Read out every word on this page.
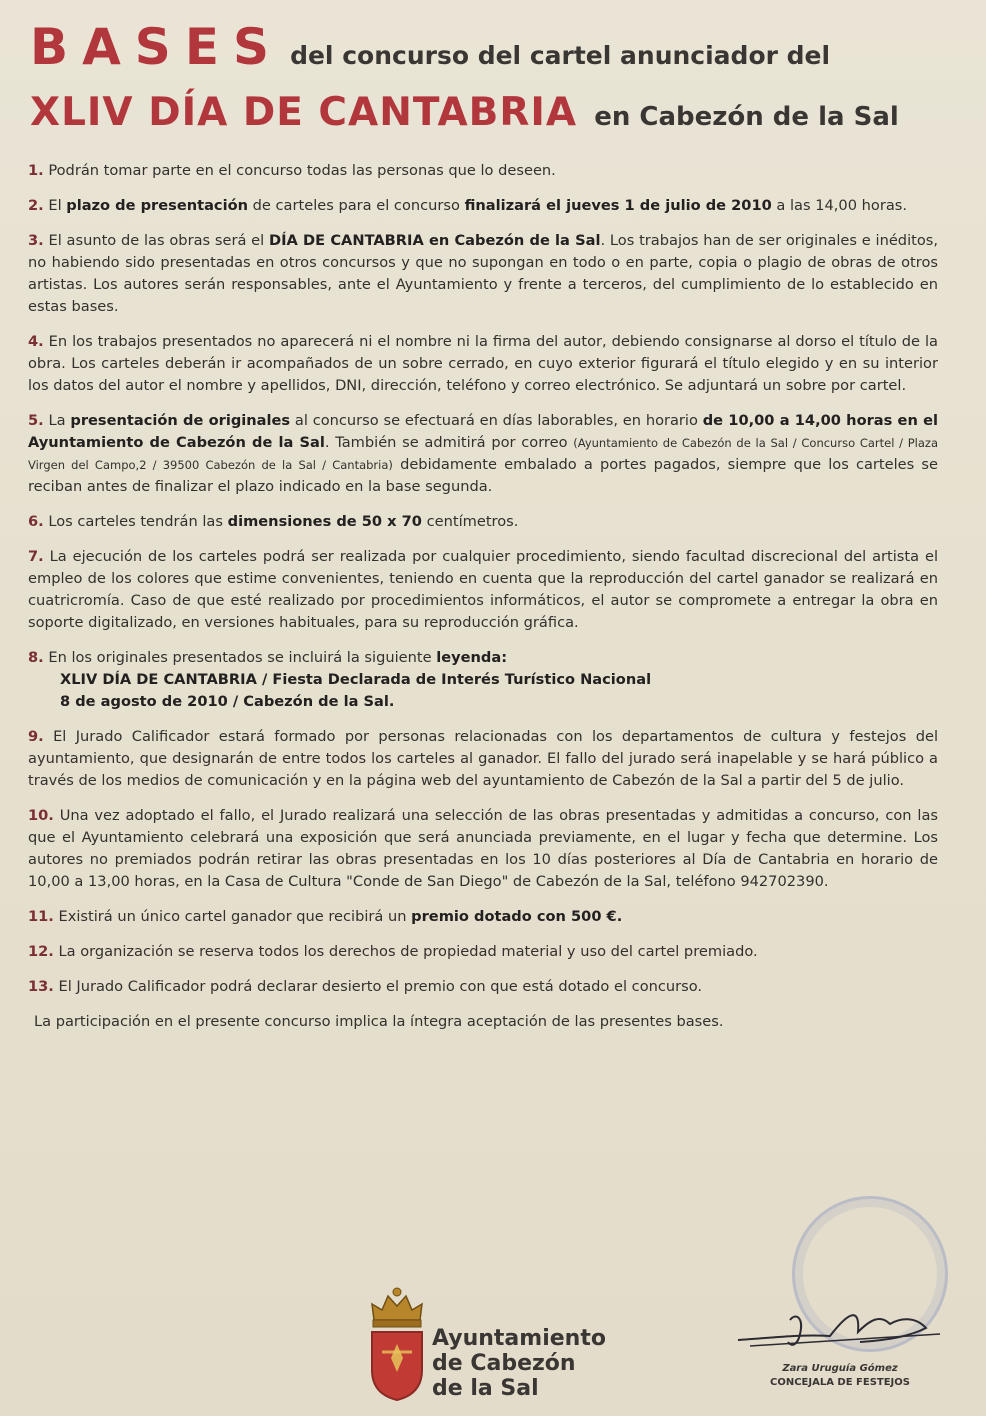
BASES del concurso del cartel anunciador del
XLIV DÍA DE CANTABRIA en Cabezón de la Sal

1. Podrán tomar parte en el concurso todas las personas que lo deseen.

2. El plazo de presentación de carteles para el concurso finalizará el jueves 1 de julio de 2010 a las 14,00 horas.

3. El asunto de las obras será el DÍA DE CANTABRIA en Cabezón de la Sal. Los trabajos han de ser originales e inéditos, no habiendo sido presentadas en otros concursos y que no supongan en todo o en parte, copia o plagio de obras de otros artistas. Los autores serán responsables, ante el Ayuntamiento y frente a terceros, del cumplimiento de lo establecido en estas bases.

4. En los trabajos presentados no aparecerá ni el nombre ni la firma del autor, debiendo consignarse al dorso el título de la obra. Los carteles deberán ir acompañados de un sobre cerrado, en cuyo exterior figurará el título elegido y en su interior los datos del autor el nombre y apellidos, DNI, dirección, teléfono y correo electrónico. Se adjuntará un sobre por cartel.

5. La presentación de originales al concurso se efectuará en días laborables, en horario de 10,00 a 14,00 horas en el Ayuntamiento de Cabezón de la Sal. También se admitirá por correo (Ayuntamiento de Cabezón de la Sal / Concurso Cartel / Plaza Virgen del Campo,2 / 39500 Cabezón de la Sal / Cantabria) debidamente embalado a portes pagados, siempre que los carteles se reciban antes de finalizar el plazo indicado en la base segunda.

6. Los carteles tendrán las dimensiones de 50 x 70 centímetros.

7. La ejecución de los carteles podrá ser realizada por cualquier procedimiento, siendo facultad discrecional del artista el empleo de los colores que estime convenientes, teniendo en cuenta que la reproducción del cartel ganador se realizará en cuatricromía. Caso de que esté realizado por procedimientos informáticos, el autor se compromete a entregar la obra en soporte digitalizado, en versiones habituales, para su reproducción gráfica.

8. En los originales presentados se incluirá la siguiente leyenda:
XLIV DÍA DE CANTABRIA / Fiesta Declarada de Interés Turístico Nacional
8 de agosto de 2010 / Cabezón de la Sal.

9. El Jurado Calificador estará formado por personas relacionadas con los departamentos de cultura y festejos del ayuntamiento, que designarán de entre todos los carteles al ganador. El fallo del jurado será inapelable y se hará público a través de los medios de comunicación y en la página web del ayuntamiento de Cabezón de la Sal a partir del 5 de julio.

10. Una vez adoptado el fallo, el Jurado realizará una selección de las obras presentadas y admitidas a concurso, con las que el Ayuntamiento celebrará una exposición que será anunciada previamente, en el lugar y fecha que determine. Los autores no premiados podrán retirar las obras presentadas en los 10 días posteriores al Día de Cantabria en horario de 10,00 a 13,00 horas, en la Casa de Cultura "Conde de San Diego" de Cabezón de la Sal, teléfono 942702390.

11. Existirá un único cartel ganador que recibirá un premio dotado con 500 €.

12. La organización se reserva todos los derechos de propiedad material y uso del cartel premiado.

13. El Jurado Calificador podrá declarar desierto el premio con que está dotado el concurso.

La participación en el presente concurso implica la íntegra aceptación de las presentes bases.

Ayuntamiento
de Cabezón
de la Sal
Zara Uruguía Gómez
CONCEJALA DE FESTEJOS
